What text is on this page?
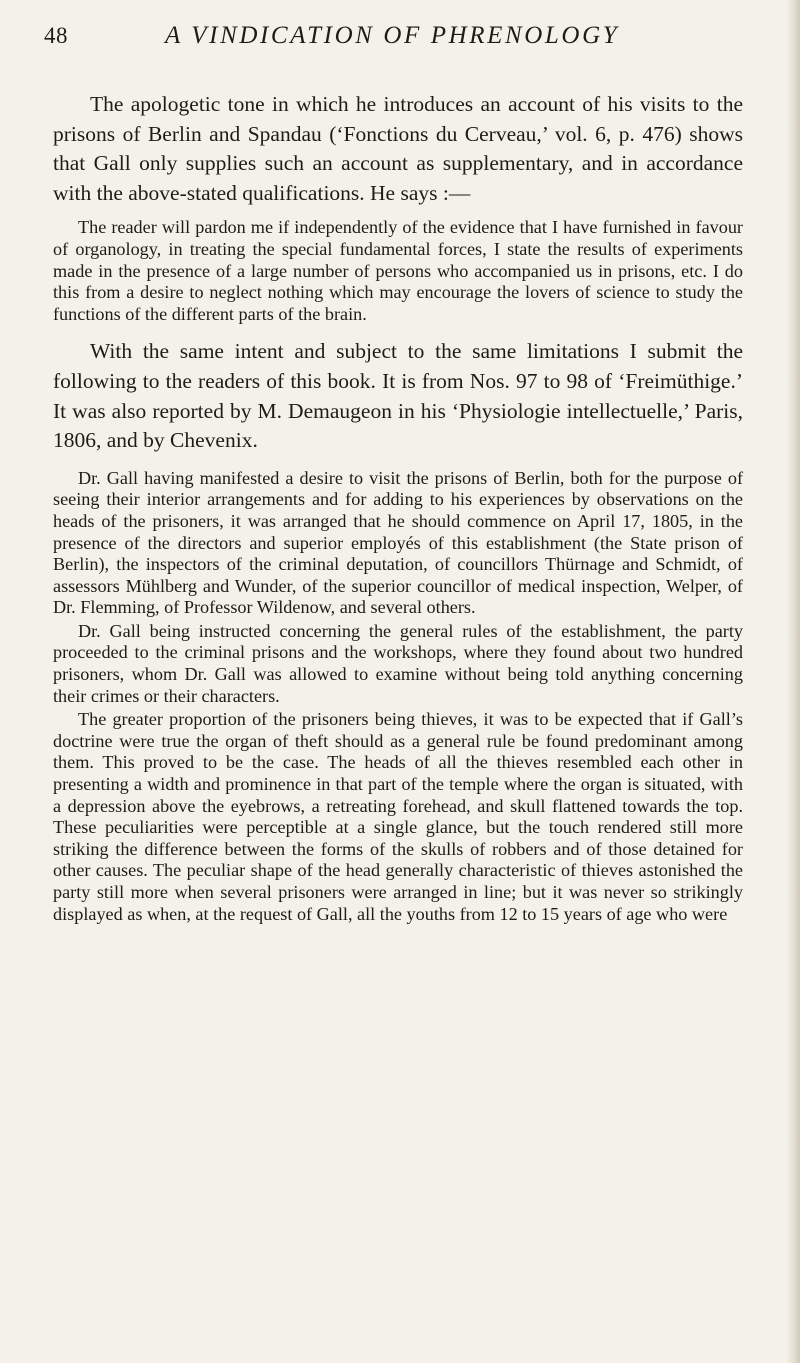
48	A VINDICATION OF PHRENOLOGY

The apologetic tone in which he introduces an account of his visits to the prisons of Berlin and Spandau (‘Fonctions du Cerveau,’ vol. 6, p. 476) shows that Gall only supplies such an account as supplementary, and in accordance with the above-stated qualifications. He says :—

The reader will pardon me if independently of the evidence that I have furnished in favour of organology, in treating the special fundamental forces, I state the results of experiments made in the presence of a large number of persons who accompanied us in prisons, etc. I do this from a desire to neglect nothing which may encourage the lovers of science to study the functions of the different parts of the brain.

With the same intent and subject to the same limitations I submit the following to the readers of this book. It is from Nos. 97 to 98 of ‘Freimüthige.’ It was also reported by M. Demaugeon in his ‘Physiologie intellectuelle,’ Paris, 1806, and by Chevenix.

Dr. Gall having manifested a desire to visit the prisons of Berlin, both for the purpose of seeing their interior arrangements and for adding to his experiences by observations on the heads of the prisoners, it was arranged that he should commence on April 17, 1805, in the presence of the directors and superior employés of this establishment (the State prison of Berlin), the inspectors of the criminal deputation, of councillors Thürnage and Schmidt, of assessors Mühlberg and Wunder, of the superior councillor of medical inspection, Welper, of Dr. Flemming, of Professor Wildenow, and several others.

Dr. Gall being instructed concerning the general rules of the establishment, the party proceeded to the criminal prisons and the workshops, where they found about two hundred prisoners, whom Dr. Gall was allowed to examine without being told anything concerning their crimes or their characters.

The greater proportion of the prisoners being thieves, it was to be expected that if Gall’s doctrine were true the organ of theft should as a general rule be found predominant among them. This proved to be the case. The heads of all the thieves resembled each other in presenting a width and prominence in that part of the temple where the organ is situated, with a depression above the eyebrows, a retreating forehead, and skull flattened towards the top. These peculiarities were perceptible at a single glance, but the touch rendered still more striking the difference between the forms of the skulls of robbers and of those detained for other causes. The peculiar shape of the head generally characteristic of thieves astonished the party still more when several prisoners were arranged in line; but it was never so strikingly displayed as when, at the request of Gall, all the youths from 12 to 15 years of age who were
